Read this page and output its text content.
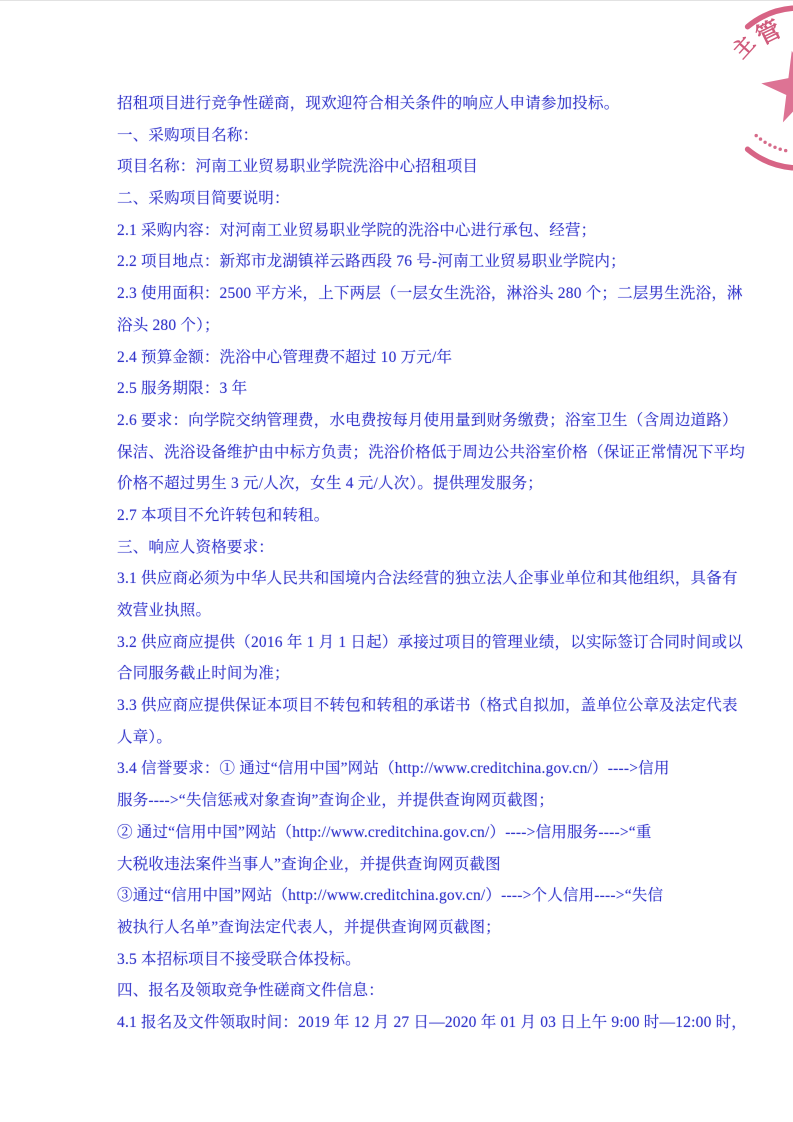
管
主
招租项目进行竞争性磋商，现欢迎符合相关条件的响应人申请参加投标。
一、采购项目名称：
项目名称：河南工业贸易职业学院洗浴中心招租项目
二、采购项目简要说明：
2.1 采购内容：对河南工业贸易职业学院的洗浴中心进行承包、经营；
2.2 项目地点：新郑市龙湖镇祥云路西段 76 号-河南工业贸易职业学院内；
2.3 使用面积：2500 平方米，上下两层（一层女生洗浴，淋浴头 280 个；二层男生洗浴，淋
浴头 280 个）；
2.4 预算金额：洗浴中心管理费不超过 10 万元/年
2.5 服务期限：3 年
2.6 要求：向学院交纳管理费，水电费按每月使用量到财务缴费；浴室卫生（含周边道路）
保洁、洗浴设备维护由中标方负责；洗浴价格低于周边公共浴室价格（保证正常情况下平均
价格不超过男生 3 元/人次，女生 4 元/人次）。提供理发服务；
2.7 本项目不允许转包和转租。
三、响应人资格要求：
3.1 供应商必须为中华人民共和国境内合法经营的独立法人企事业单位和其他组织，具备有
效营业执照。
3.2 供应商应提供（2016 年 1 月 1 日起）承接过项目的管理业绩，以实际签订合同时间或以
合同服务截止时间为准；
3.3 供应商应提供保证本项目不转包和转租的承诺书（格式自拟加，盖单位公章及法定代表
人章）。
3.4 信誉要求：① 通过“信用中国”网站（http://www.creditchina.gov.cn/）---->信用
服务---->“失信惩戒对象查询”查询企业，并提供查询网页截图；
② 通过“信用中国”网站（http://www.creditchina.gov.cn/）---->信用服务---->“重
大税收违法案件当事人”查询企业，并提供查询网页截图
③通过“信用中国”网站（http://www.creditchina.gov.cn/）---->个人信用---->“失信
被执行人名单”查询法定代表人，并提供查询网页截图；
3.5 本招标项目不接受联合体投标。
四、报名及领取竞争性磋商文件信息：
4.1 报名及文件领取时间：2019 年 12 月 27 日—2020 年 01 月 03 日上午 9:00 时—12:00 时，
